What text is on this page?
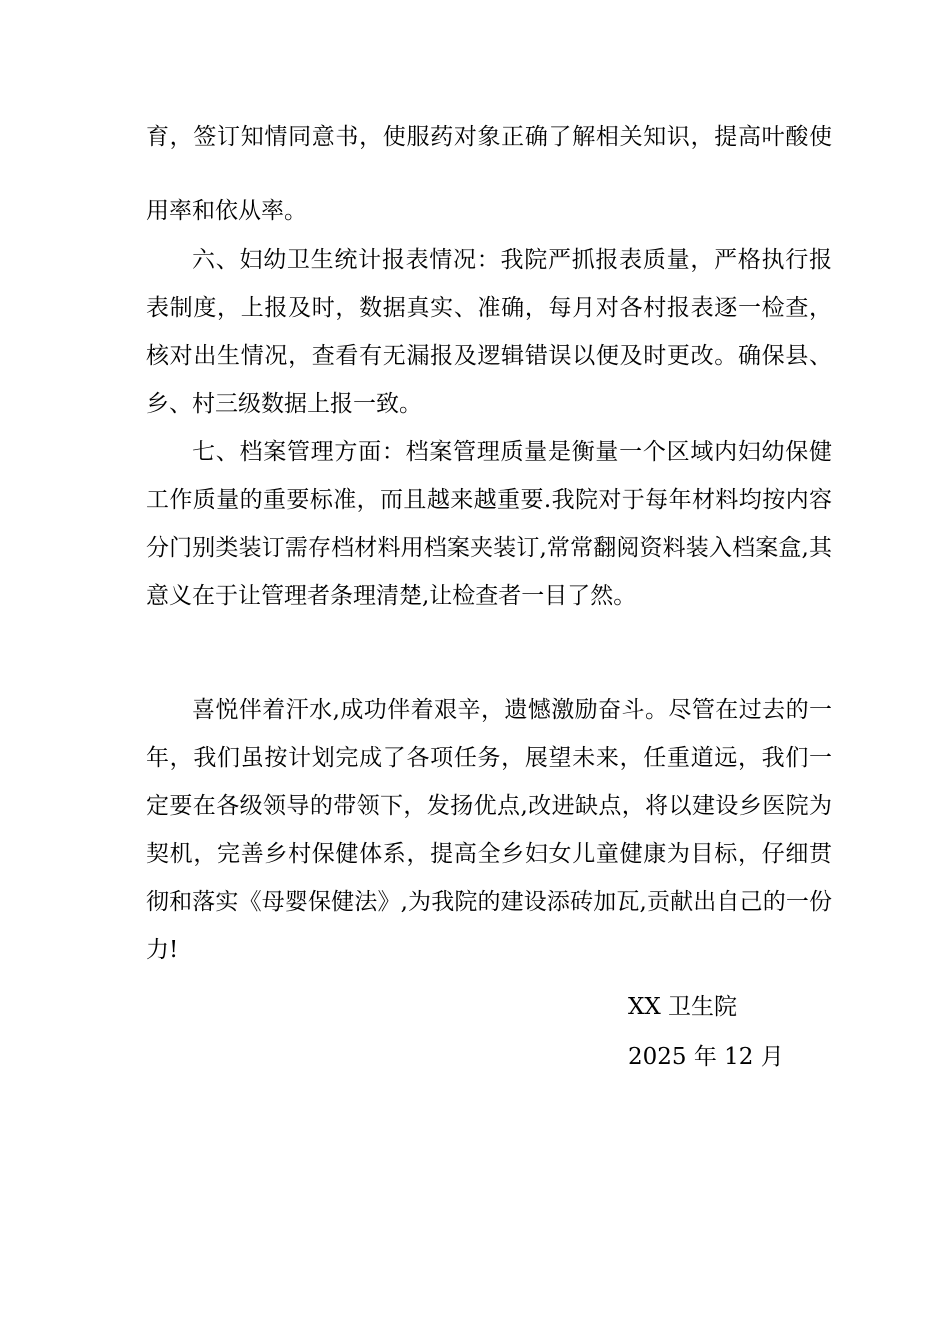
育，签订知情同意书，使服药对象正确了解相关知识，提高叶酸使用率和依从率。

六、妇幼卫生统计报表情况：我院严抓报表质量，严格执行报表制度，上报及时，数据真实、准确，每月对各村报表逐一检查，核对出生情况，查看有无漏报及逻辑错误以便及时更改。确保县、乡、村三级数据上报一致。

七、档案管理方面：档案管理质量是衡量一个区域内妇幼保健工作质量的重要标准，而且越来越重要.我院对于每年材料均按内容分门别类装订需存档材料用档案夹装订,常常翻阅资料装入档案盒,其意义在于让管理者条理清楚,让检查者一目了然。

喜悦伴着汗水,成功伴着艰辛，遗憾激励奋斗。尽管在过去的一年，我们虽按计划完成了各项任务，展望未来，任重道远，我们一定要在各级领导的带领下，发扬优点,改进缺点，将以建设乡医院为契机，完善乡村保健体系，提高全乡妇女儿童健康为目标，仔细贯彻和落实《母婴保健法》,为我院的建设添砖加瓦,贡献出自己的一份力!

XX 卫生院

2025 年 12 月
